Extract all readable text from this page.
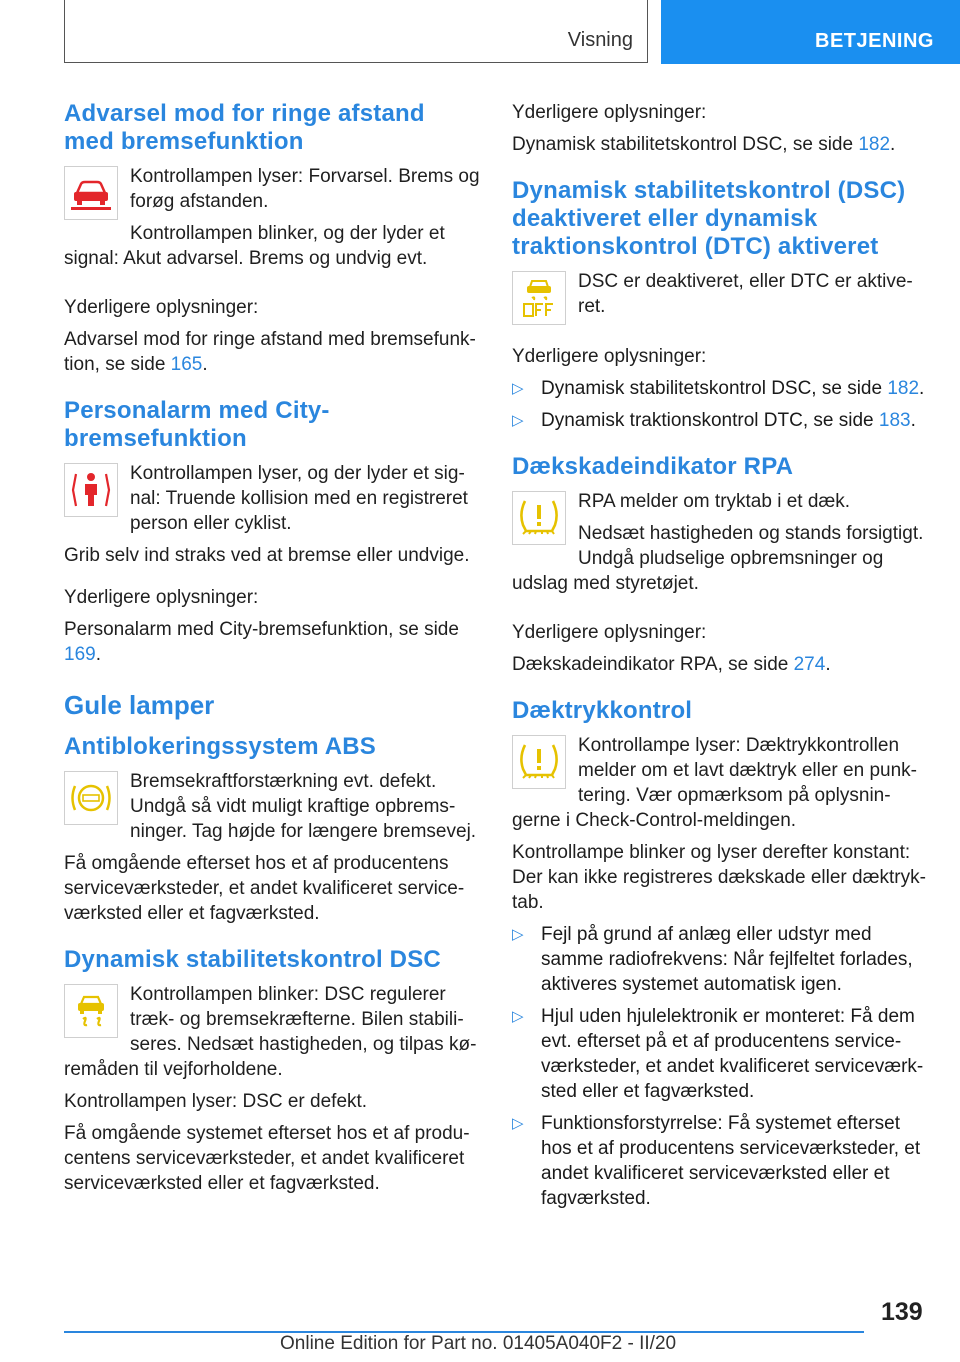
Visning	BETJENING
Advarsel mod for ringe afstand med bremsefunktion

Kontrollampen lyser: Forvarsel. Brems og forøg afstanden.

Kontrollampen blinker, og der lyder et signal: Akut advarsel. Brems og undvig evt.

Yderligere oplysninger:

Advarsel mod for ringe afstand med bremsefunktion, se side 165.

Personalarm med City-bremsefunktion

Kontrollampen lyser, og der lyder et signal: Truende kollision med en registreret person eller cyklist.

Grib selv ind straks ved at bremse eller undvige.

Yderligere oplysninger:

Personalarm med City-bremsefunktion, se side 169.

Gule lamper
Antiblokeringssystem ABS

Bremsekraftforstærkning evt. defekt. Undgå så vidt muligt kraftige opbremsninger. Tag højde for længere bremsevej.

Få omgående efterset hos et af producentens serviceværksteder, et andet kvalificeret serviceværksted eller et fagværksted.

Dynamisk stabilitetskontrol DSC

Kontrollampen blinker: DSC regulerer træk- og bremsekræfterne. Bilen stabiliseres. Nedsæt hastigheden, og tilpas køremåden til vejforholdene.

Kontrollampen lyser: DSC er defekt.

Få omgående systemet efterset hos et af producentens serviceværksteder, et andet kvalificeret serviceværksted eller et fagværksted.

Yderligere oplysninger:

Dynamisk stabilitetskontrol DSC, se side 182.

Dynamisk stabilitetskontrol (DSC) deaktiveret eller dynamisk traktionskontrol (DTC) aktiveret

DSC er deaktiveret, eller DTC er aktiveret.

Yderligere oplysninger:

▷ Dynamisk stabilitetskontrol DSC, se side 182.
▷ Dynamisk traktionskontrol DTC, se side 183.
Dækskadeindikator RPA

RPA melder om tryktab i et dæk.

Nedsæt hastigheden og stands forsigtigt. Undgå pludselige opbremsninger og udslag med styretøjet.

Yderligere oplysninger:

Dækskadeindikator RPA, se side 274.

Dæktrykkontrol

Kontrollampe lyser: Dæktrykkontrollen melder om et lavt dæktryk eller en punktering. Vær opmærksom på oplysningerne i Check-Control-meldingen.

Kontrollampe blinker og lyser derefter konstant: Der kan ikke registreres dækskade eller dæktryktab.

▷ Fejl på grund af anlæg eller udstyr med samme radiofrekvens: Når fejlfeltet forlades, aktiveres systemet automatisk igen.
▷ Hjul uden hjulelektronik er monteret: Få dem evt. efterset på et af producentens serviceværksteder, et andet kvalificeret serviceværksted eller et fagværksted.
▷ Funktionsforstyrrelse: Få systemet efterset hos et af producentens serviceværksteder, et andet kvalificeret serviceværksted eller et fagværksted.
139
Online Edition for Part no. 01405A040F2 - II/20
